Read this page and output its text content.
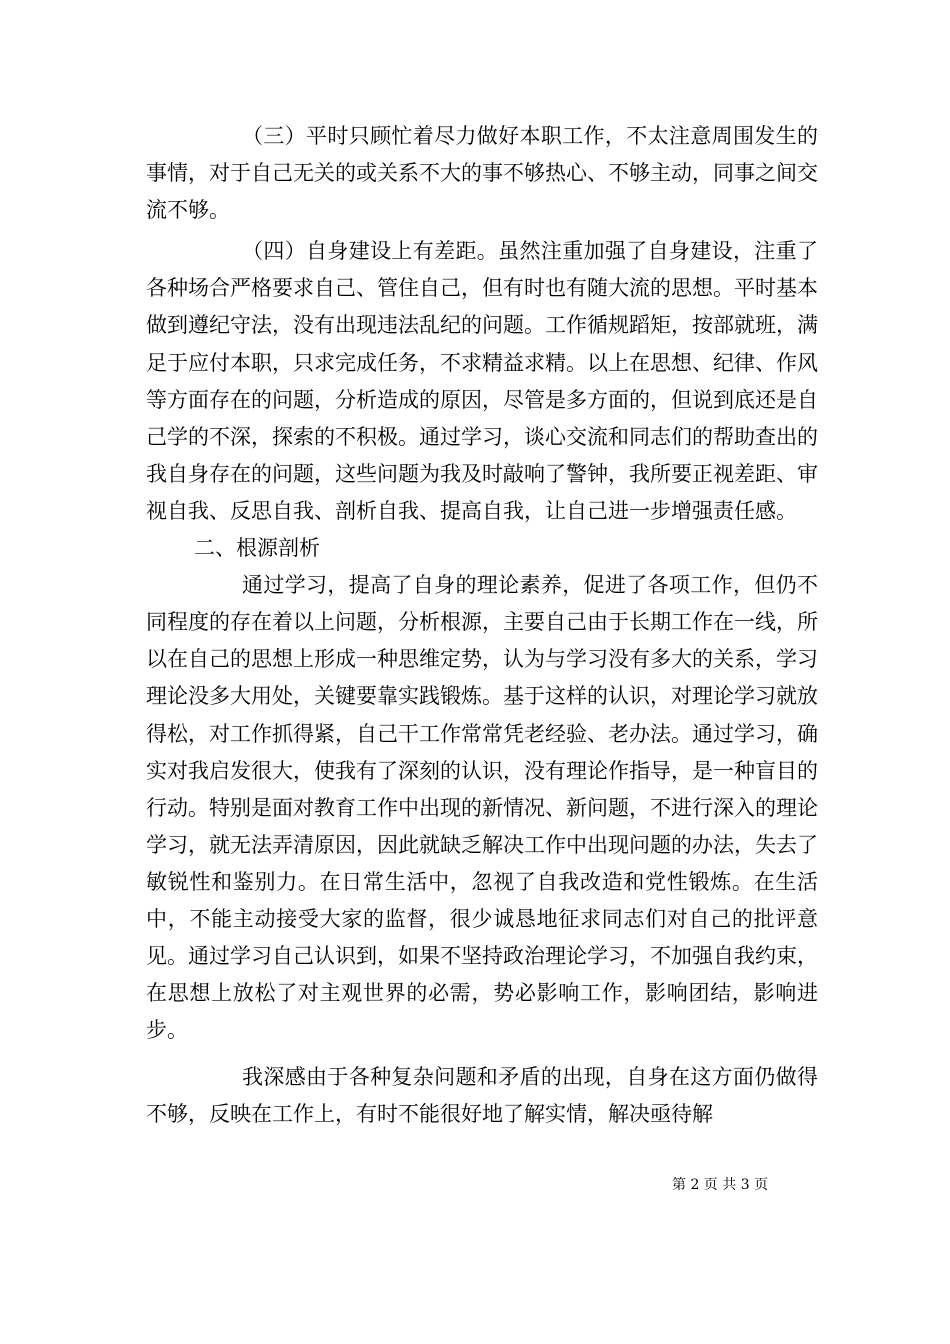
（三）平时只顾忙着尽力做好本职工作，不太注意周围发生的事情，对于自己无关的或关系不大的事不够热心、不够主动，同事之间交流不够。

（四）自身建设上有差距。虽然注重加强了自身建设，注重了各种场合严格要求自己、管住自己，但有时也有随大流的思想。平时基本做到遵纪守法，没有出现违法乱纪的问题。工作循规蹈矩，按部就班，满足于应付本职，只求完成任务，不求精益求精。以上在思想、纪律、作风等方面存在的问题，分析造成的原因，尽管是多方面的，但说到底还是自己学的不深，探索的不积极。通过学习，谈心交流和同志们的帮助查出的我自身存在的问题，这些问题为我及时敲响了警钟，我所要正视差距、审视自我、反思自我、剖析自我、提高自我，让自己进一步增强责任感。

二、根源剖析

通过学习，提高了自身的理论素养，促进了各项工作，但仍不同程度的存在着以上问题，分析根源，主要自己由于长期工作在一线，所以在自己的思想上形成一种思维定势，认为与学习没有多大的关系，学习理论没多大用处，关键要靠实践锻炼。基于这样的认识，对理论学习就放得松，对工作抓得紧，自己干工作常常凭老经验、老办法。通过学习，确实对我启发很大，使我有了深刻的认识，没有理论作指导，是一种盲目的行动。特别是面对教育工作中出现的新情况、新问题，不进行深入的理论学习，就无法弄清原因，因此就缺乏解决工作中出现问题的办法，失去了敏锐性和鉴别力。在日常生活中，忽视了自我改造和党性锻炼。在生活中，不能主动接受大家的监督，很少诚恳地征求同志们对自己的批评意见。通过学习自己认识到，如果不坚持政治理论学习，不加强自我约束，在思想上放松了对主观世界的必需，势必影响工作，影响团结，影响进步。

我深感由于各种复杂问题和矛盾的出现，自身在这方面仍做得不够，反映在工作上，有时不能很好地了解实情，解决亟待解

第 2 页 共 3 页
